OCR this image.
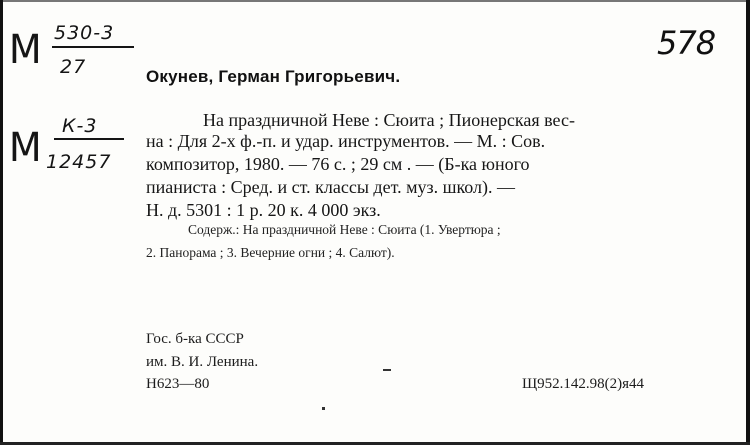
М 530-3
27
М К-3
12457
578
Окунев, Герман Григорьевич.
На праздничной Неве : Сюита ; Пионерская вес-
на : Для 2-х ф.-п. и удар. инструментов. — М. : Сов.
композитор, 1980. — 76 с. ; 29 см . — (Б-ка юного
пианиста : Сред. и ст. классы дет. муз. школ). —
Н. д. 5301 : 1 р. 20 к. 4 000 экз.
Содерж.: На праздничной Неве : Сюита (1. Увертюра ;
2. Панорама ; 3. Вечерние огни ; 4. Салют).
Гос. б-ка СССР
им. В. И. Ленина.
Н623—80	Щ952.142.98(2)я44
